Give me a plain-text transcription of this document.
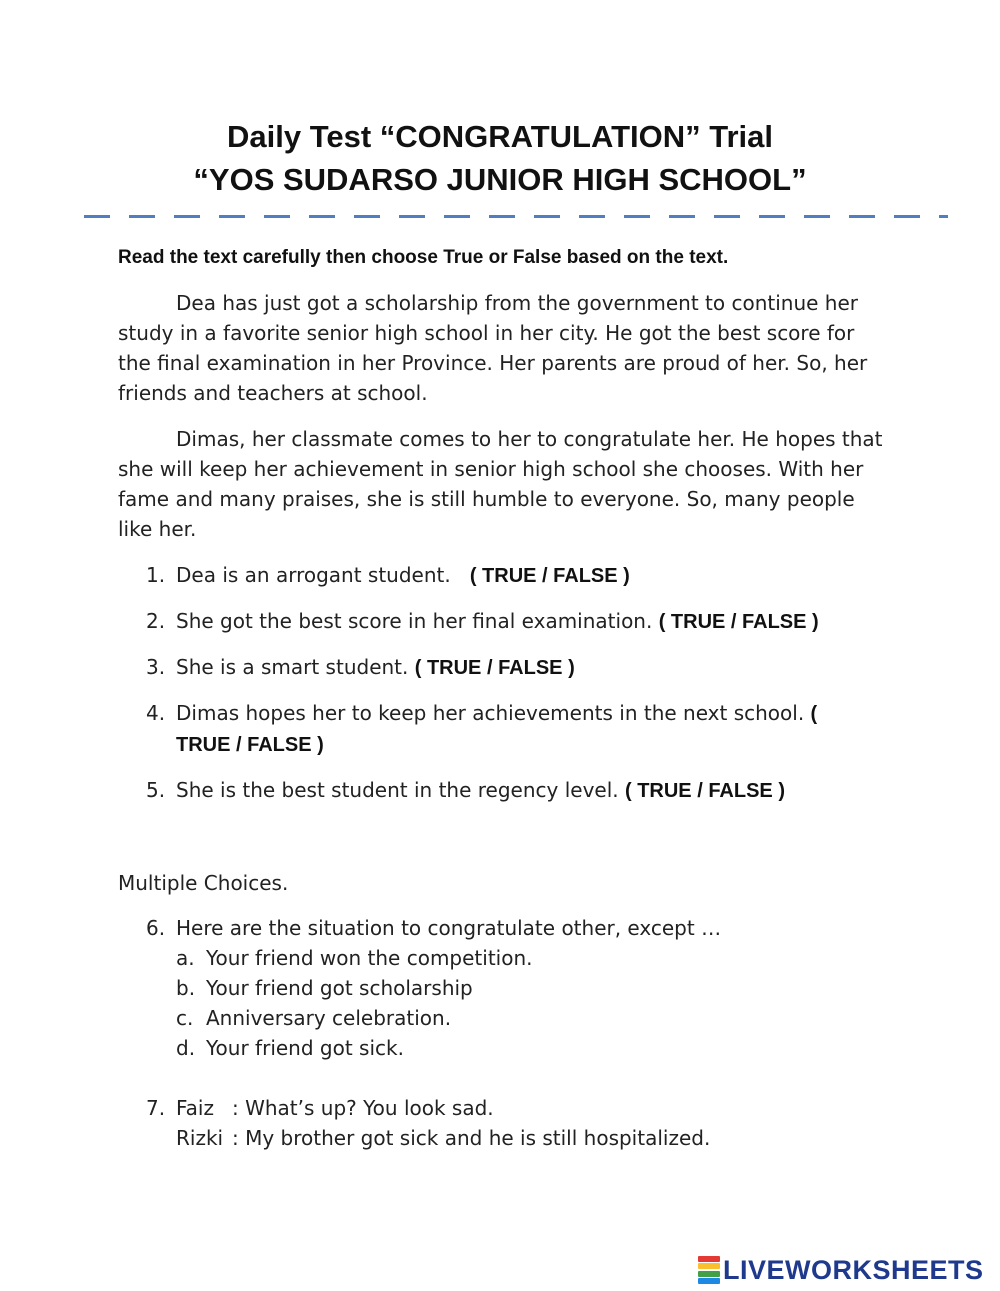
Daily Test “CONGRATULATION” Trial
“YOS SUDARSO JUNIOR HIGH SCHOOL”
Read the text carefully then choose True or False based on the text.
Dea has just got a scholarship from the government to continue her study in a favorite senior high school in her city. He got the best score for the final examination in her Province. Her parents are proud of her. So, her friends and teachers at school.
Dimas, her classmate comes to her to congratulate her. He hopes that she will keep her achievement in senior high school she chooses. With her fame and many praises, she is still humble to everyone. So, many people like her.
1. Dea is an arrogant student. ( TRUE / FALSE )
2. She got the best score in her final examination. ( TRUE / FALSE )
3. She is a smart student. ( TRUE / FALSE )
4. Dimas hopes her to keep her achievements in the next school. ( TRUE / FALSE )
5. She is the best student in the regency level. ( TRUE / FALSE )
Multiple Choices.
6. Here are the situation to congratulate other, except …
a. Your friend won the competition.
b. Your friend got scholarship
c. Anniversary celebration.
d. Your friend got sick.
7. Faiz : What’s up? You look sad.
Rizki : My brother got sick and he is still hospitalized.
LIVEWORKSHEETS
